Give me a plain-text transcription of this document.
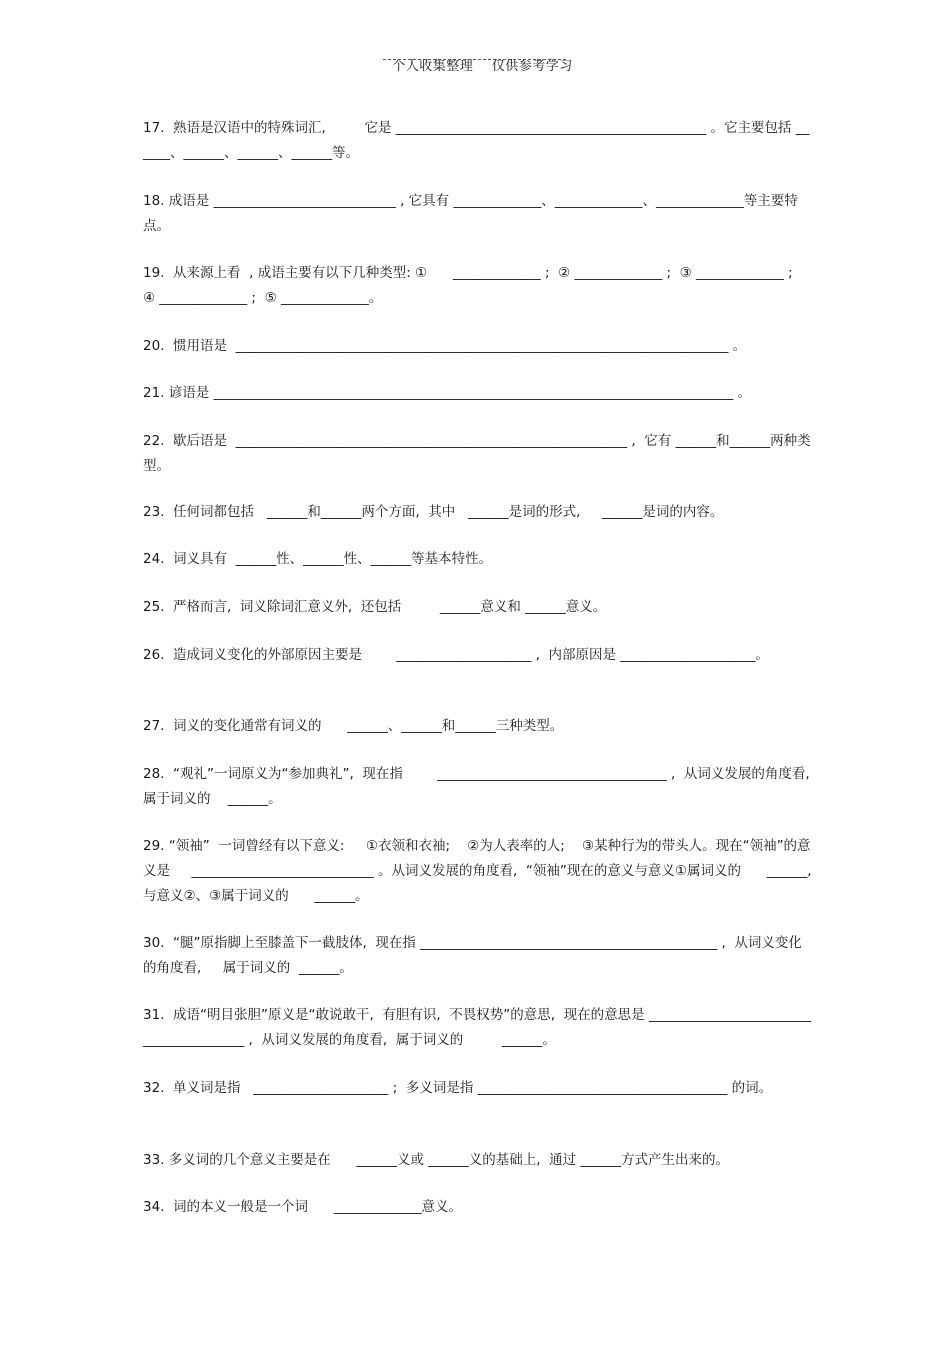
个人收集整理    仅供参考学习

17.  熟语是汉语中的特殊词汇,         它是 ______________________________________________ 。它主要包括 ______、______、______、______等。
18. 成语是 ___________________________ , 它具有 _____________、_____________、_____________等主要特点。
19.  从来源上看  , 成语主要有以下几种类型: ①      _____________ ;  ② _____________ ;  ③ _____________ ;  ④ _____________ ;  ⑤ _____________。
20.  惯用语是  _________________________________________________________________________ 。
21. 谚语是 _____________________________________________________________________________ 。
22.  歇后语是  __________________________________________________________ ,  它有 ______和______两种类型。
23.  任何词都包括   ______和______两个方面,  其中   ______是词的形式,     ______是词的内容。
24.  词义具有  ______性、______性、______等基本特性。
25.  严格而言,  词义除词汇意义外,  还包括         ______意义和 ______意义。
26.  造成词义变化的外部原因主要是        ____________________ ,  内部原因是 ____________________。
27.  词义的变化通常有词义的      ______、______和______三种类型。
28.  “观礼”一词原义为“参加典礼”,  现在指        __________________________________ ,  从词义发展的角度看,  属于词义的    ______。
29. “领袖”  一词曾经有以下意义:     ①衣领和衣袖;    ②为人表率的人;    ③某种行为的带头人。现在“领袖”的意义是     ___________________________ 。从词义发展的角度看,  “领袖”现在的意义与意义①属词义的      ______,  与意义②、③属于词义的      ______。
30.  “腿”原指脚上至膝盖下一截肢体,  现在指 ____________________________________________ ,  从词义变化的角度看,     属于词义的  ______。
31.  成语“明目张胆”原义是“敢说敢干,  有胆有识,  不畏权势”的意思,  现在的意思是 _______________________________________ ,  从词义发展的角度看,  属于词义的         ______。
32.  单义词是指   ____________________ ;  多义词是指 _____________________________________ 的词。
33. 多义词的几个意义主要是在      ______义或 ______义的基础上,  通过 ______方式产生出来的。
34.  词的本义一般是一个词      _____________意义。
